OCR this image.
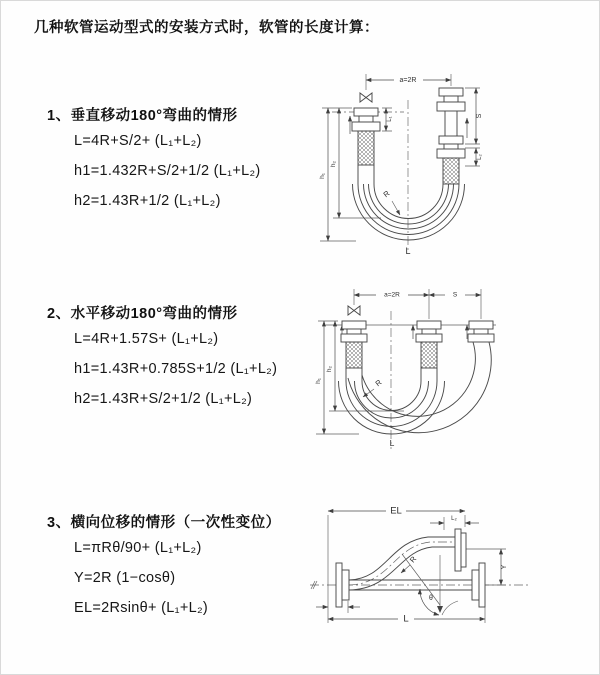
几种软管运动型式的安装方式时，软管的长度计算：
1、垂直移动180°弯曲的情形
L=4R+S/2+ (L₁+L₂)
h1=1.432R+S/2+1/2 (L₁+L₂)
h2=1.43R+1/2 (L₁+L₂)
2、水平移动180°弯曲的情形
L=4R+1.57S+ (L₁+L₂)
h1=1.43R+0.785S+1/2 (L₁+L₂)
h2=1.43R+S/2+1/2 (L₁+L₂)
3、横向位移的情形（一次性变位）
L=πRθ/90+ (L₁+L₂)
Y=2R (1−cosθ)
EL=2Rsinθ+ (L₁+L₂)
a=2R
S
L₂
L₁
h₁
h₂
R
L
a=2R	S
h₁
h₂
R
L
EL
L₂
Y
L
θ
R
